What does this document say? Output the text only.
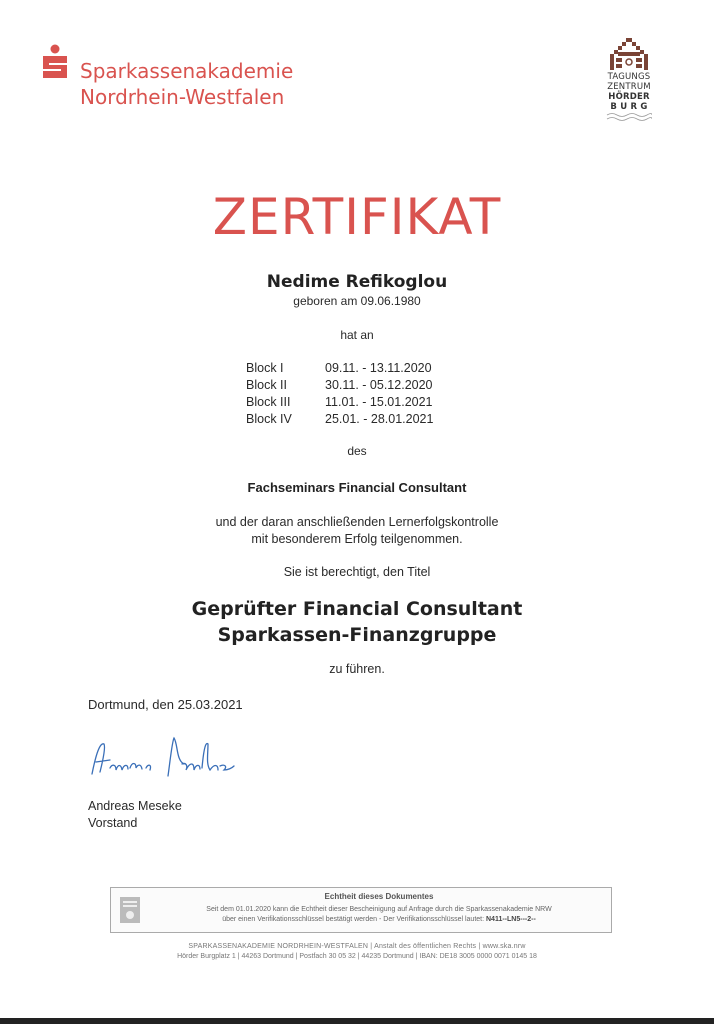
Sparkassenakademie
Nordrhein-Westfalen
TAGUNGS
ZENTRUM
HÖRDER
B U R G
ZERTIFIKAT
Nedime Refikoglou
geboren am 09.06.1980
hat an
Block I	09.11. - 13.11.2020
Block II	30.11. - 05.12.2020
Block III	11.01. - 15.01.2021
Block IV	25.01. - 28.01.2021
des
Fachseminars Financial Consultant
und der daran anschließenden Lernerfolgskontrolle
mit besonderem Erfolg teilgenommen.
Sie ist berechtigt, den Titel
Geprüfter Financial Consultant
Sparkassen-Finanzgruppe
zu führen.
Dortmund, den 25.03.2021
Andreas Meseke
Vorstand
Echtheit dieses Dokumentes
Seit dem 01.01.2020 kann die Echtheit dieser Bescheinigung auf Anfrage durch die Sparkassenakademie NRW
über einen Verifikationsschlüssel bestätigt werden - Der Verifikationsschlüssel lautet: N411--LN5---2--
SPARKASSENAKADEMIE NORDRHEIN-WESTFALEN | Anstalt des öffentlichen Rechts | www.ska.nrw
Hörder Burgplatz 1 | 44263 Dortmund | Postfach 30 05 32 | 44235 Dortmund | IBAN: DE18 3005 0000 0071 0145 18
